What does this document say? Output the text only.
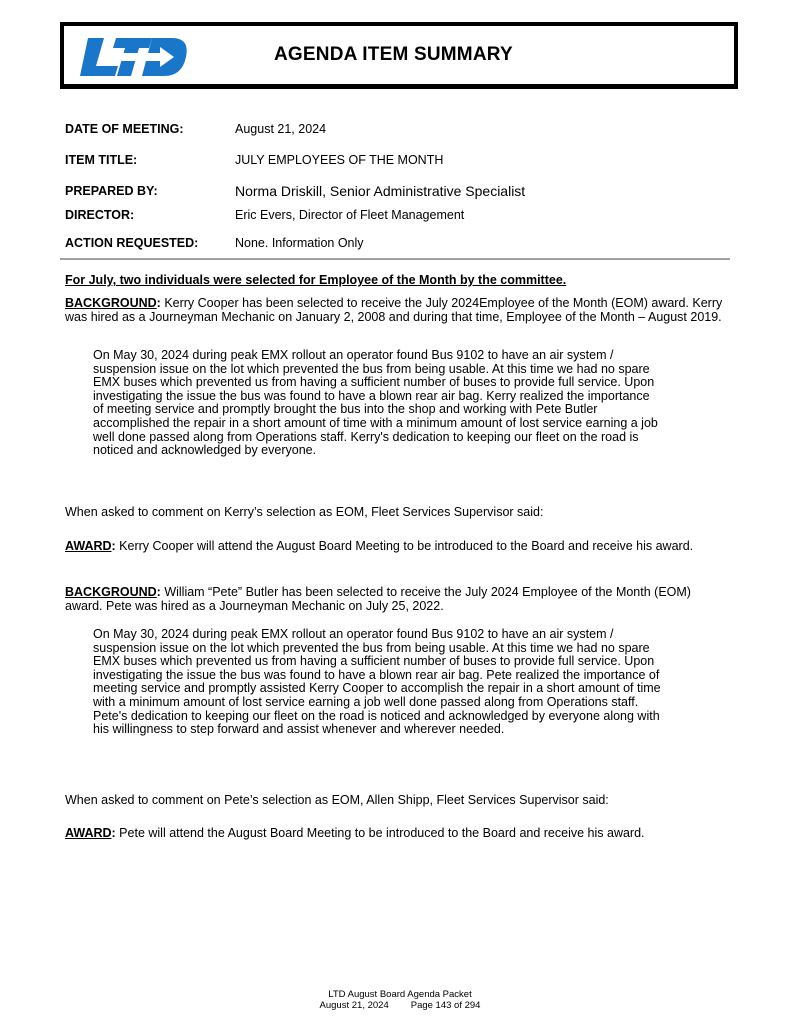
AGENDA ITEM SUMMARY
DATE OF MEETING:	August 21, 2024
ITEM TITLE:	JULY EMPLOYEES OF THE MONTH
PREPARED BY:	Norma Driskill, Senior Administrative Specialist
DIRECTOR:	Eric Evers, Director of Fleet Management
ACTION REQUESTED:	None. Information Only
For July, two individuals were selected for Employee of the Month by the committee.
BACKGROUND: Kerry Cooper has been selected to receive the July 2024Employee of the Month (EOM) award. Kerry was hired as a Journeyman Mechanic on January 2, 2008 and during that time, Employee of the Month – August 2019.
On May 30, 2024 during peak EMX rollout an operator found Bus 9102 to have an air system / suspension issue on the lot which prevented the bus from being usable. At this time we had no spare EMX buses which prevented us from having a sufficient number of buses to provide full service. Upon investigating the issue the bus was found to have a blown rear air bag. Kerry realized the importance of meeting service and promptly brought the bus into the shop and working with Pete Butler accomplished the repair in a short amount of time with a minimum amount of lost service earning a job well done passed along from Operations staff. Kerry's dedication to keeping our fleet on the road is noticed and acknowledged by everyone.
When asked to comment on Kerry’s selection as EOM, Fleet Services Supervisor said:
AWARD: Kerry Cooper will attend the August Board Meeting to be introduced to the Board and receive his award.
BACKGROUND: William “Pete” Butler has been selected to receive the July 2024 Employee of the Month (EOM) award. Pete was hired as a Journeyman Mechanic on July 25, 2022.
On May 30, 2024 during peak EMX rollout an operator found Bus 9102 to have an air system / suspension issue on the lot which prevented the bus from being usable. At this time we had no spare EMX buses which prevented us from having a sufficient number of buses to provide full service. Upon investigating the issue the bus was found to have a blown rear air bag. Pete realized the importance of meeting service and promptly assisted Kerry Cooper to accomplish the repair in a short amount of time with a minimum amount of lost service earning a job well done passed along from Operations staff. Pete's dedication to keeping our fleet on the road is noticed and acknowledged by everyone along with his willingness to step forward and assist whenever and wherever needed.
When asked to comment on Pete’s selection as EOM, Allen Shipp, Fleet Services Supervisor said:
AWARD: Pete will attend the August Board Meeting to be introduced to the Board and receive his award.
LTD August Board Agenda Packet
August 21, 2024 Page 143 of 294
